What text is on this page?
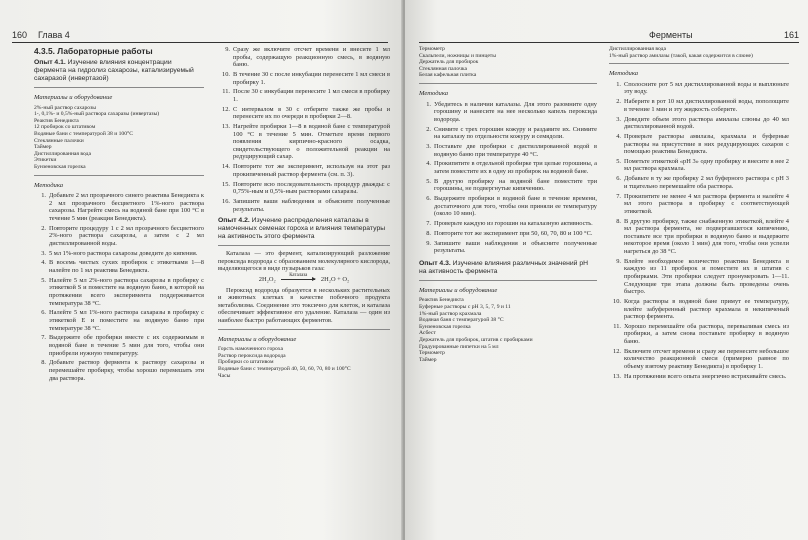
160 Глава 4
4.3.5. Лабораторные работы
Опыт 4.1. Изучение влияния концентрации фермента на гидролиз сахарозы, катализируемый сахаразой (инвертазой)
Материалы и оборудование
2%-ный раствор сахарозы
1-, 0,1%- и 0,5%-ный раствора сахаразы (инвертазы)
Реактив Бенедикта
12 пробирок со штативом
Водяные бани с температурой 38 и 100°С
Стеклянные палочки
Таймер
Дистиллированная вода
Этикетки
Бунзеновская горелка
Методика
1. Добавьте 2 мл прозрачного синего реактива Бенедикта к 2 мл прозрачного бесцветного 1%-ного раствора сахарозы. Нагрейте смесь на водяной бане при 100 °С в течение 5 мин (реакция Бенедикта).
2. Повторите процедуру 1 с 2 мл прозрачного бесцветного 2%-ного раствора сахарозы, а затем с 2 мл дистиллированной воды.
3. 5 мл 1%-ного раствора сахарозы доведите до кипения.
4. В восемь чистых сухих пробирок с этикетками 1—8 налейте по 1 мл реактива Бенедикта.
5. Налейте 5 мл 2%-ного раствора сахарозы в пробирку с этикеткой S и поместите на водяную баню, в которой на протяжении всего эксперимента поддерживается температура 38 °С.
6. Налейте 5 мл 1%-ного раствора сахаразы в пробирку с этикеткой Е и поместите на водяную баню при температуре 38 °С.
7. Выдержите обе пробирки вместе с их содержимым в водяной бане в течение 5 мин для того, чтобы они приобрели нужную температуру.
8. Добавьте раствор фермента к раствору сахарозы и перемешайте пробирку, чтобы хорошо перемешать эти два раствора.
9. Сразу же включите отсчет времени и внесите 1 мл пробы, содержащую реакционную смесь, в водяную баню.
10. В течение 30 с после инкубации перенесите 1 мл смеси в пробирку 1.
11. После 30 с инкубации перенесите 1 мл смеси в пробирку 1.
12. С интервалом в 30 с отберите также же пробы и перенесите их по очереди в пробирки 2—8.
13. Нагрейте пробирки 1—8 в водяной бане с температурой 100 °С в течение 5 мин. Отметьте время первого появления кирпично-красного осадка, свидетельствующего о положительной реакции на редуцирующий сахар.
14. Повторите тот же эксперимент, используя на этот раз прокипяченный раствор фермента (см. п. 3).
15. Повторите всю последовательность процедур дважды: с 0,75%-ным и 0,5%-ным растворами сахаразы.
16. Запишите ваши наблюдения и объясните полученные результаты.
Опыт 4.2. Изучение распределения каталазы в намоченных семенах гороха и влияния температуры на активность этого фермента
Каталаза — это фермент, катализирующий разложение пероксида водорода с образованием молекулярного кислорода, выделяющегося в виде пузырьков газа:
2H₂O₂
Каталаза
2H₂O + O₂
Пероксид водорода образуется в нескольких растительных и животных клетках в качестве побочного продукта метаболизма. Соединение это токсично для клеток, и каталаза обеспечивает эффективное его удаление. Каталаза — один из наиболее быстро работающих ферментов.
Материалы и оборудование
Горсть намоченного гороха
Раствор пероксида водорода
Пробирки со штативом
Водяные бани с температурой 40, 50, 60, 70, 80 и 100°С
Часы
Ферменты	161
Термометр
Скальпели, ножницы и пинцеты
Держатель для пробирок
Стеклянная палочка
Белая кафельная плитка
Методика
1. Убедитесь в наличии каталазы. Для этого разомните одну горошину и нанесите на нее несколько капель пероксида водорода.
2. Снимите с трех горошин кожуру и раздавите их. Снимите на каталазу по отдельности кожуру и семядоли.
3. Поставьте две пробирки с дистиллированной водой в водяную баню при температуре 40 °С.
4. Прокипятите в отдельной пробирке три целые горошины, а затем поместите их в одну из пробирок на водяной бане.
5. В другую пробирку на водяной бане поместите три горошины, не подвергнутые кипячению.
6. Выдержите пробирки в водяной бане в течение времени, достаточного для того, чтобы они приняли ее температуру (около 10 мин).
7. Проверьте каждую из горошин на каталазную активность.
8. Повторите тот же эксперимент при 50, 60, 70, 80 и 100 °С.
9. Запишите ваши наблюдения и объясните полученные результаты.
Опыт 4.3. Изучение влияния различных значений pH на активность фермента
Материалы и оборудование
Реактив Бенедикта
Буферные растворы с pH 3, 5, 7, 9 и 11
1%-ный раствор крахмала
Водяная баня с температурой 38 °С
Бунзеновская горелка
Асбест
Держатель для пробирок, штатив с пробирками
Градуированные пипетки на 5 мл
Термометр
Таймер
Дистиллированная вода
1%-ный раствор амилазы (такой, какая содержится в слюне)
Методика
1. Сполосните рот 5 мл дистиллированной воды и выплюньте эту воду.
2. Наберите в рот 10 мл дистиллированной воды, пополощите в течение 1 мин и эту жидкость соберите.
3. Доведите объем этого раствора амилазы слюны до 40 мл дистиллированной водой.
4. Проверьте растворы амилазы, крахмала и буферные растворы на присутствие в них редуцирующих сахаров с помощью реактива Бенедикта.
5. Пометьте этикеткой «pH 3» одну пробирку и внесите в нее 2 мл раствора крахмала.
6. Добавьте в ту же пробирку 2 мл буферного раствора с pH 3 и тщательно перемешайте оба раствора.
7. Прокипятите не менее 4 мл раствора фермента и налейте 4 мл этого раствора в пробирку с соответствующей этикеткой.
8. В другую пробирку, также снабженную этикеткой, влейте 4 мл раствора фермента, не подвергавшегося кипячению, поставьте все три пробирки в водяную баню и выдержите некоторое время (около 1 мин) для того, чтобы они успели нагреться до 38 °С.
9. Влейте необходимое количество реактива Бенедикта в каждую из 11 пробирок и поместите их в штатив с пробирками. Эти пробирки следует пронумеровать 1—11. Следующие три этапа должны быть проведены очень быстро.
10. Когда растворы в водяной бане примут ее температуру, влейте забуференный раствор крахмала в некипяченый раствор фермента.
11. Хорошо перемешайте оба раствора, перевыливая смесь из пробирки, а затем снова поставьте пробирку в водяную баню.
12. Включите отсчет времени и сразу же перенесите небольшое количество реакционной смеси (примерно равное по объему взятому реактиву Бенедикта) в пробирку 1.
13. На протяжении всего опыта энергично встряхивайте смесь.
